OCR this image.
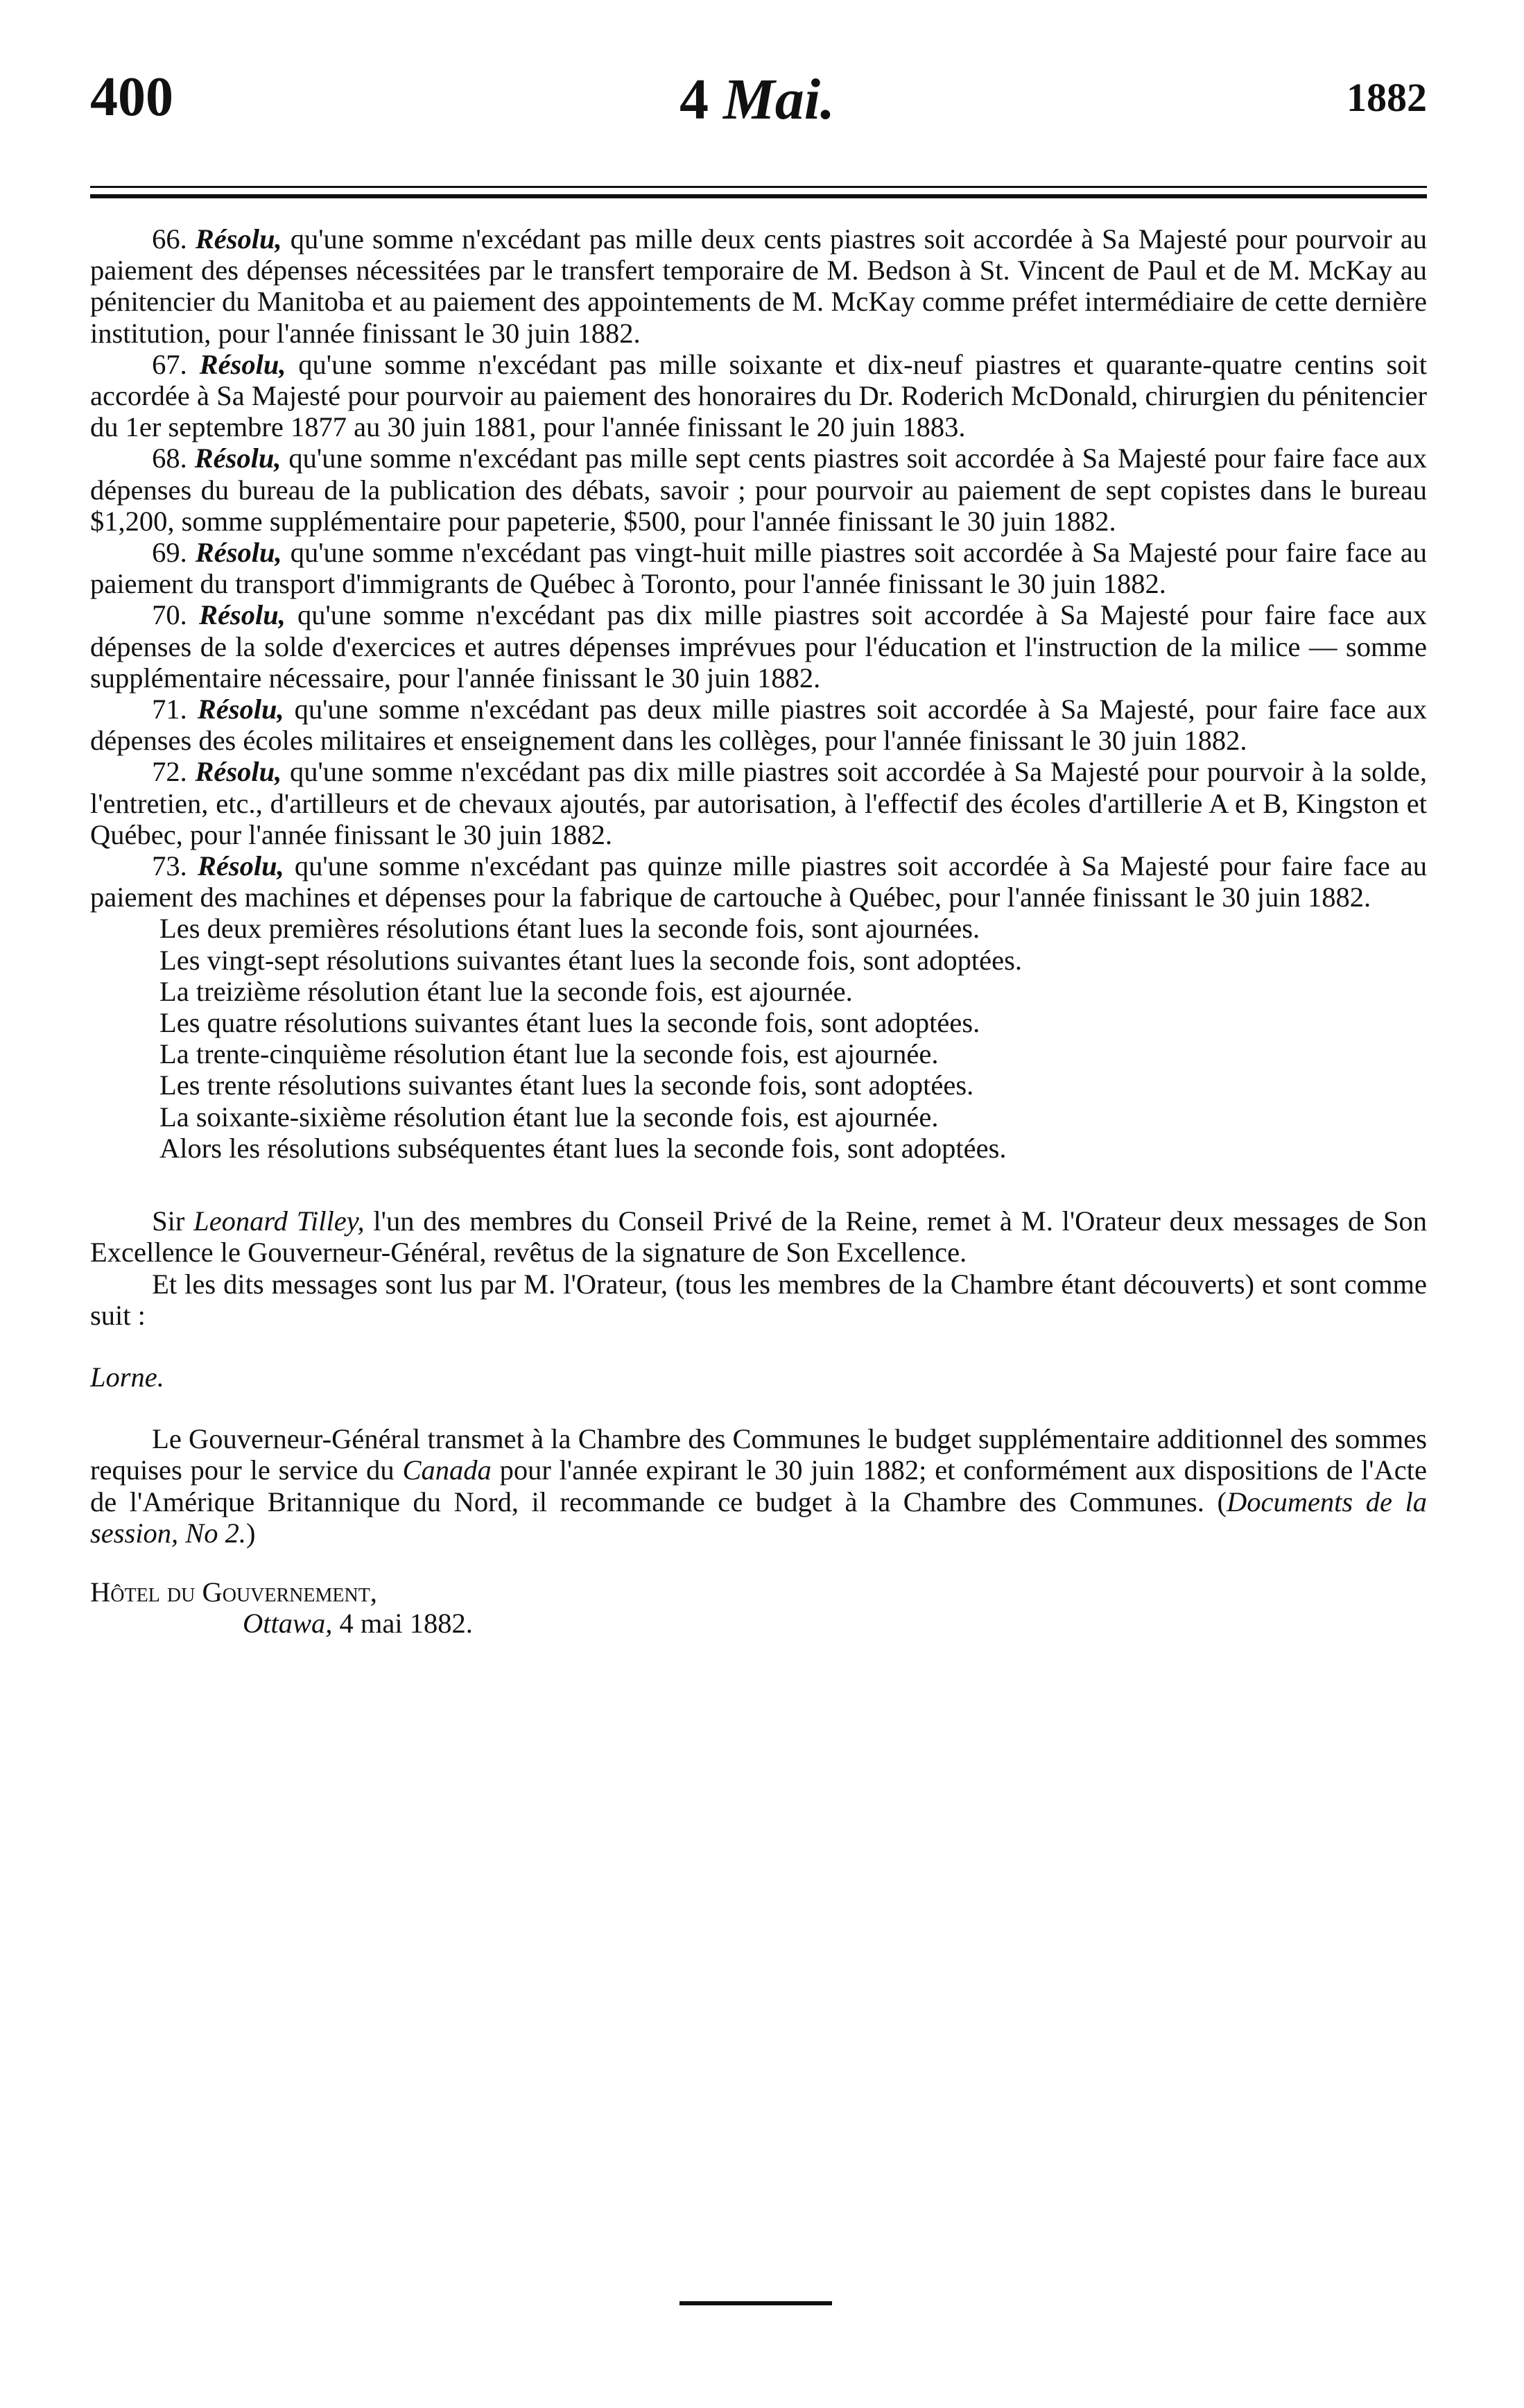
400	4 Mai.	1882

66. Résolu, qu'une somme n'excédant pas mille deux cents piastres soit accordée à Sa Majesté pour pourvoir au paiement des dépenses nécessitées par le transfert temporaire de M. Bedson à St. Vincent de Paul et de M. McKay au pénitencier du Manitoba et au paiement des appointements de M. McKay comme préfet intermédiaire de cette dernière institution, pour l'année finissant le 30 juin 1882.

67. Résolu, qu'une somme n'excédant pas mille soixante et dix-neuf piastres et quarante-quatre centins soit accordée à Sa Majesté pour pourvoir au paiement des honoraires du Dr. Roderich McDonald, chirurgien du pénitencier du 1er septembre 1877 au 30 juin 1881, pour l'année finissant le 20 juin 1883.

68. Résolu, qu'une somme n'excédant pas mille sept cents piastres soit accordée à Sa Majesté pour faire face aux dépenses du bureau de la publication des débats, savoir ; pour pourvoir au paiement de sept copistes dans le bureau $1,200, somme supplémentaire pour papeterie, $500, pour l'année finissant le 30 juin 1882.

69. Résolu, qu'une somme n'excédant pas vingt-huit mille piastres soit accordée à Sa Majesté pour faire face au paiement du transport d'immigrants de Québec à Toronto, pour l'année finissant le 30 juin 1882.

70. Résolu, qu'une somme n'excédant pas dix mille piastres soit accordée à Sa Majesté pour faire face aux dépenses de la solde d'exercices et autres dépenses imprévues pour l'éducation et l'instruction de la milice — somme supplémentaire nécessaire, pour l'année finissant le 30 juin 1882.

71. Résolu, qu'une somme n'excédant pas deux mille piastres soit accordée à Sa Majesté, pour faire face aux dépenses des écoles militaires et enseignement dans les collèges, pour l'année finissant le 30 juin 1882.

72. Résolu, qu'une somme n'excédant pas dix mille piastres soit accordée à Sa Majesté pour pourvoir à la solde, l'entretien, etc., d'artilleurs et de chevaux ajoutés, par autorisation, à l'effectif des écoles d'artillerie A et B, Kingston et Québec, pour l'année finissant le 30 juin 1882.

73. Résolu, qu'une somme n'excédant pas quinze mille piastres soit accordée à Sa Majesté pour faire face au paiement des machines et dépenses pour la fabrique de cartouche à Québec, pour l'année finissant le 30 juin 1882.

Les deux premières résolutions étant lues la seconde fois, sont ajournées.

Les vingt-sept résolutions suivantes étant lues la seconde fois, sont adoptées.

La treizième résolution étant lue la seconde fois, est ajournée.

Les quatre résolutions suivantes étant lues la seconde fois, sont adoptées.

La trente-cinquième résolution étant lue la seconde fois, est ajournée.

Les trente résolutions suivantes étant lues la seconde fois, sont adoptées.

La soixante-sixième résolution étant lue la seconde fois, est ajournée.

Alors les résolutions subséquentes étant lues la seconde fois, sont adoptées.

Sir Leonard Tilley, l'un des membres du Conseil Privé de la Reine, remet à M. l'Orateur deux messages de Son Excellence le Gouverneur-Général, revêtus de la signature de Son Excellence.

Et les dits messages sont lus par M. l'Orateur, (tous les membres de la Chambre étant découverts) et sont comme suit :

Lorne.

Le Gouverneur-Général transmet à la Chambre des Communes le budget supplémentaire additionnel des sommes requises pour le service du Canada pour l'année expirant le 30 juin 1882; et conformément aux dispositions de l'Acte de l'Amérique Britannique du Nord, il recommande ce budget à la Chambre des Communes. (Documents de la session, No 2.)

Hôtel du Gouvernement,

Ottawa, 4 mai 1882.
